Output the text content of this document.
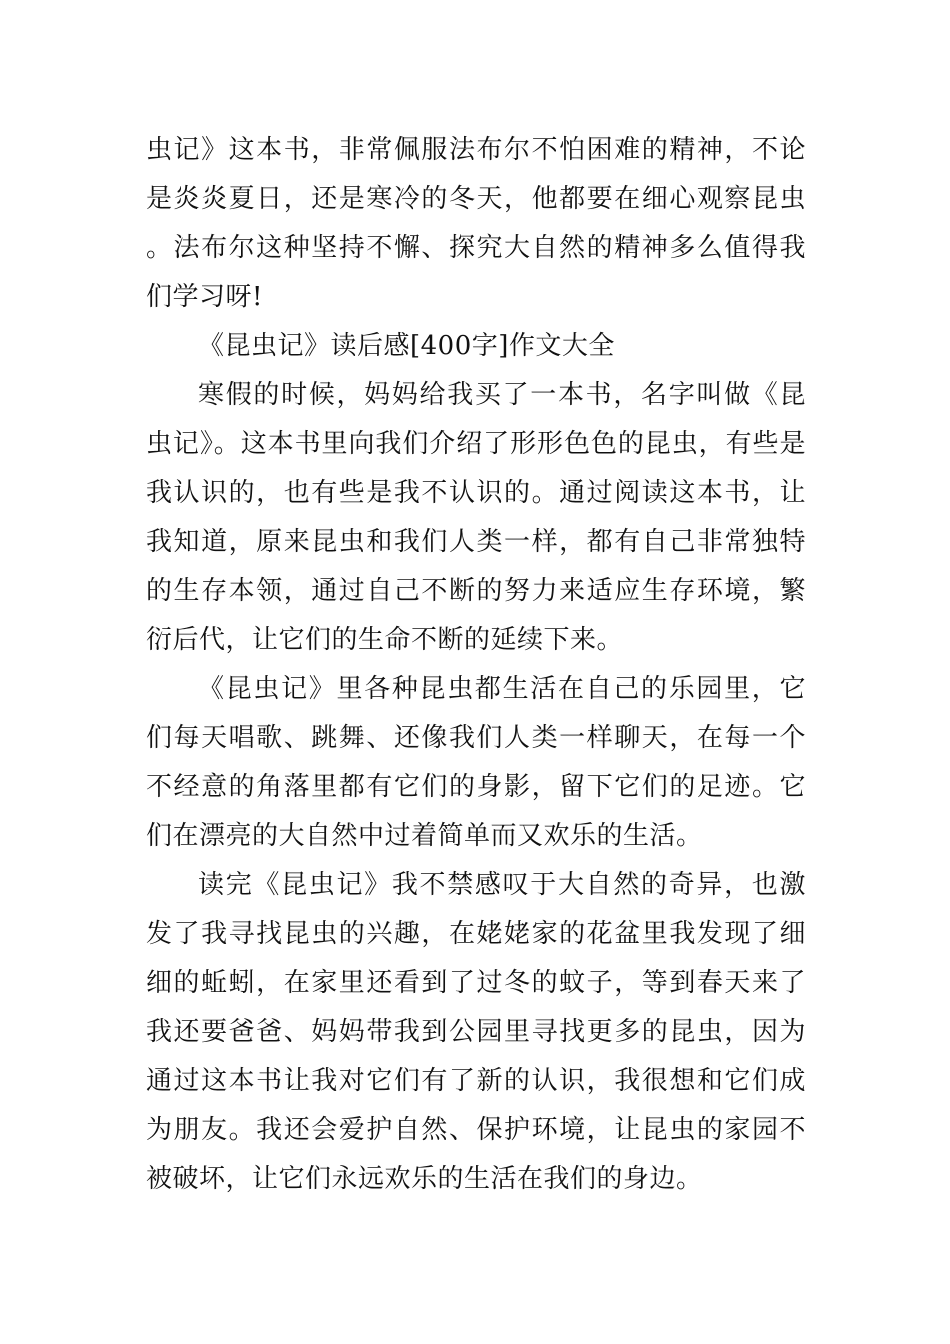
虫记》这本书，非常佩服法布尔不怕困难的精神，不论是炎炎夏日，还是寒冷的冬天，他都要在细心观察昆虫。法布尔这种坚持不懈、探究大自然的精神多么值得我们学习呀!

《昆虫记》读后感[400字]作文大全

寒假的时候，妈妈给我买了一本书，名字叫做《昆虫记》。这本书里向我们介绍了形形色色的昆虫，有些是我认识的，也有些是我不认识的。通过阅读这本书，让我知道，原来昆虫和我们人类一样，都有自己非常独特的生存本领，通过自己不断的努力来适应生存环境，繁衍后代，让它们的生命不断的延续下来。

《昆虫记》里各种昆虫都生活在自己的乐园里，它们每天唱歌、跳舞、还像我们人类一样聊天，在每一个不经意的角落里都有它们的身影，留下它们的足迹。它们在漂亮的大自然中过着简单而又欢乐的生活。

读完《昆虫记》我不禁感叹于大自然的奇异，也激发了我寻找昆虫的兴趣，在姥姥家的花盆里我发现了细细的蚯蚓，在家里还看到了过冬的蚊子，等到春天来了我还要爸爸、妈妈带我到公园里寻找更多的昆虫，因为通过这本书让我对它们有了新的认识，我很想和它们成为朋友。我还会爱护自然、保护环境，让昆虫的家园不被破坏，让它们永远欢乐的生活在我们的身边。
